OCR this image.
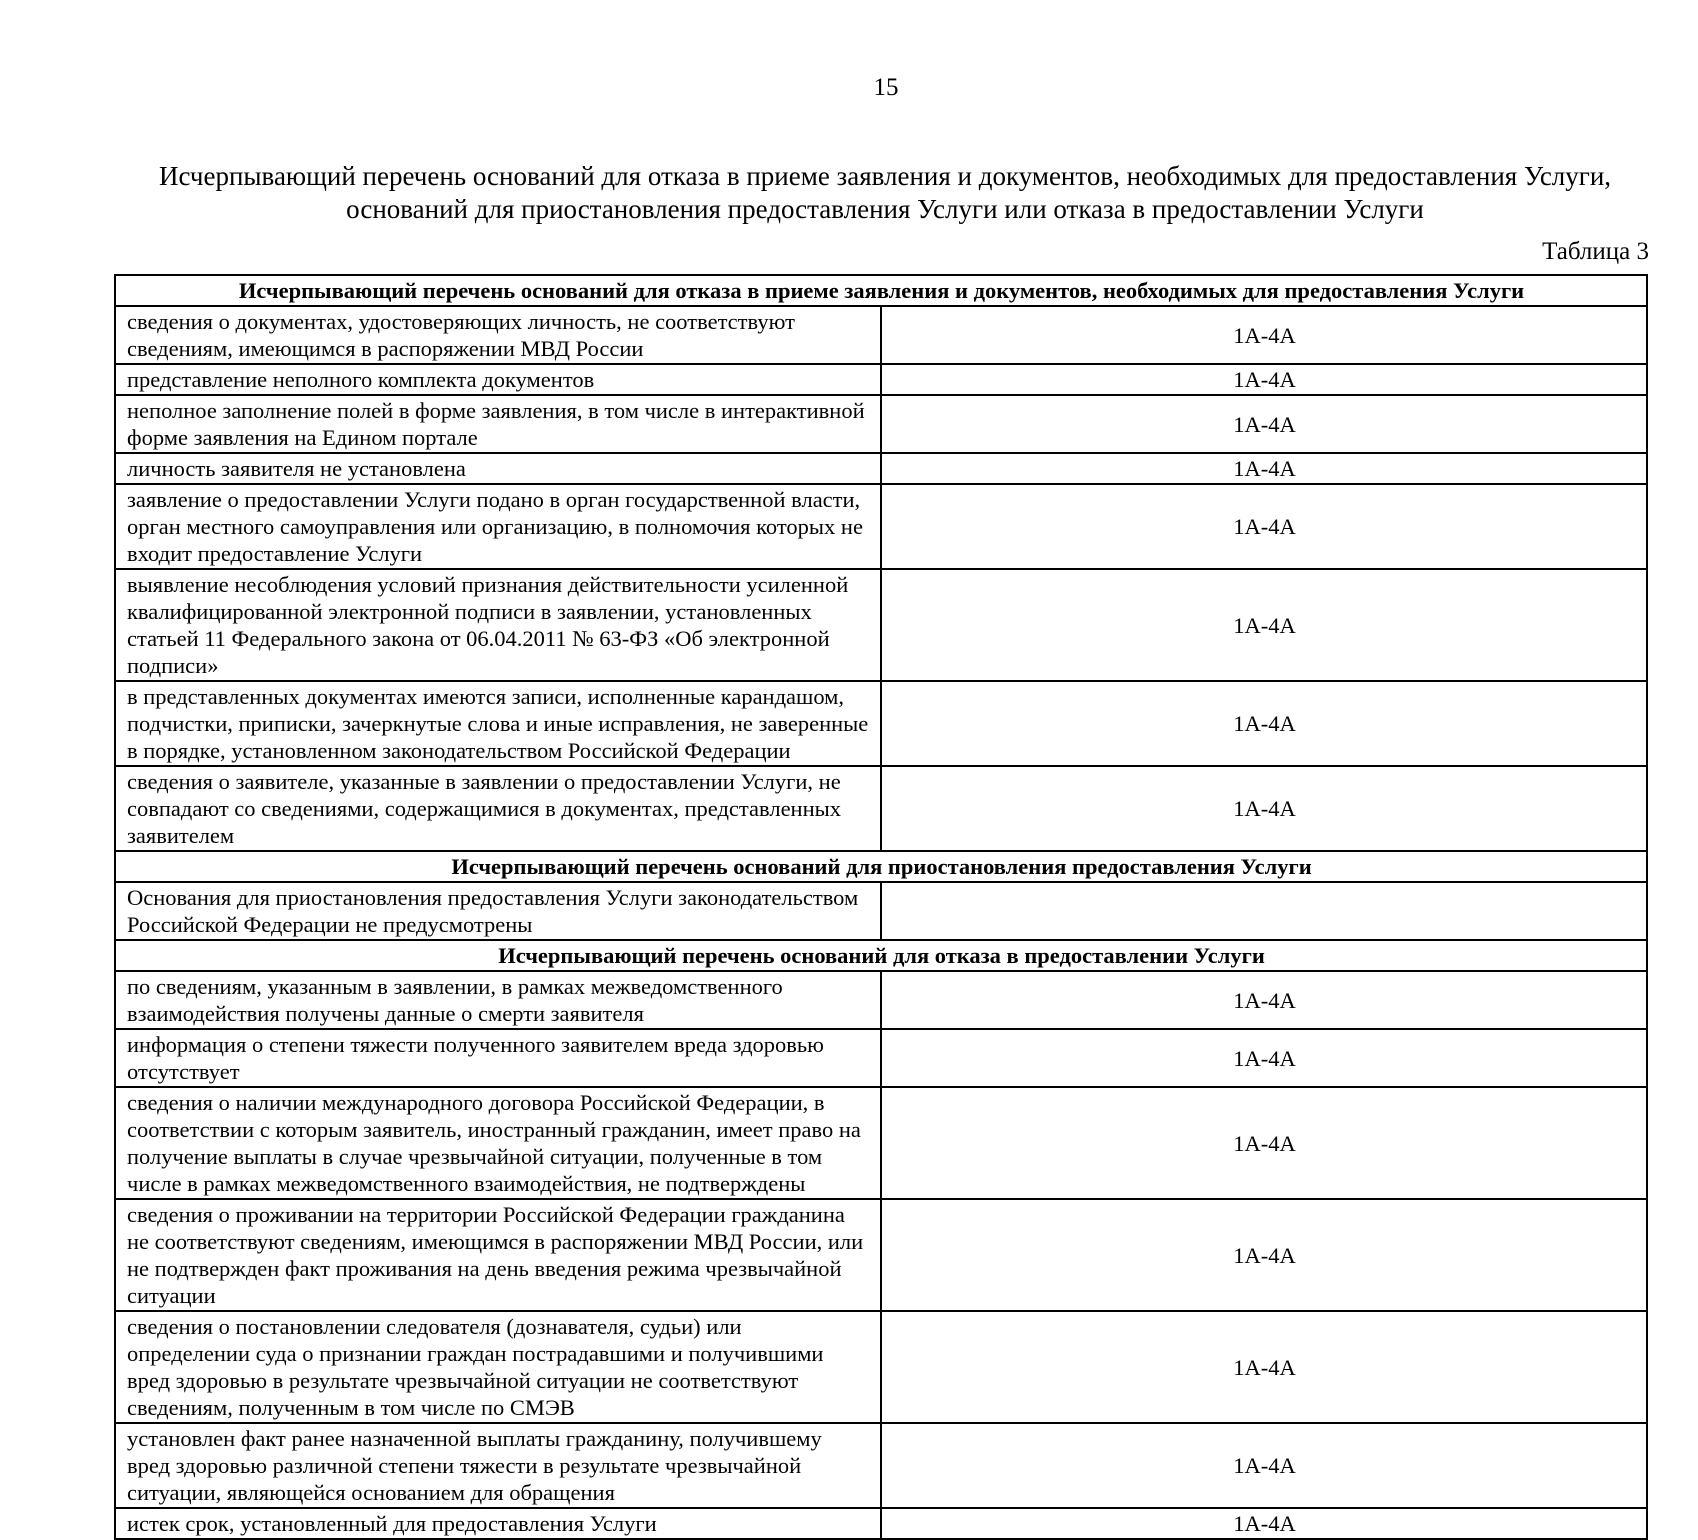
15
Исчерпывающий перечень оснований для отказа в приеме заявления и документов, необходимых для предоставления Услуги, оснований для приостановления предоставления Услуги или отказа в предоставлении Услуги
Таблица 3
Исчерпывающий перечень оснований для отказа в приеме заявления и документов, необходимых для предоставления Услуги	
сведения о документах, удостоверяющих личность, не соответствуют сведениям, имеющимся в распоряжении МВД России	1А-4А
представление неполного комплекта документов	1А-4А
неполное заполнение полей в форме заявления, в том числе в интерактивной форме заявления на Едином портале	1А-4А
личность заявителя не установлена	1А-4А
заявление о предоставлении Услуги подано в орган государственной власти, орган местного самоуправления или организацию, в полномочия которых не входит предоставление Услуги	1А-4А
выявление несоблюдения условий признания действительности усиленной квалифицированной электронной подписи в заявлении, установленных статьей 11 Федерального закона от 06.04.2011 № 63-ФЗ «Об электронной подписи»	1А-4А
в представленных документах имеются записи, исполненные карандашом, подчистки, приписки, зачеркнутые слова и иные исправления, не заверенные в порядке, установленном законодательством Российской Федерации	1А-4А
сведения о заявителе, указанные в заявлении о предоставлении Услуги, не совпадают со сведениями, содержащимися в документах, представленных заявителем	1А-4А
Исчерпывающий перечень оснований для приостановления предоставления Услуги	
Основания для приостановления предоставления Услуги законодательством Российской Федерации не предусмотрены	
Исчерпывающий перечень оснований для отказа в предоставлении Услуги	
по сведениям, указанным в заявлении, в рамках межведомственного взаимодействия получены данные о смерти заявителя	1А-4А
информация о степени тяжести полученного заявителем вреда здоровью отсутствует	1А-4А
сведения о наличии международного договора Российской Федерации, в соответствии с которым заявитель, иностранный гражданин, имеет право на получение выплаты в случае чрезвычайной ситуации, полученные в том числе в рамках межведомственного взаимодействия, не подтверждены	1А-4А
сведения о проживании на территории Российской Федерации гражданина не соответствуют сведениям, имеющимся в распоряжении МВД России, или не подтвержден факт проживания на день введения режима чрезвычайной ситуации	1А-4А
сведения о постановлении следователя (дознавателя, судьи) или определении суда о признании граждан пострадавшими и получившими вред здоровью в результате чрезвычайной ситуации не соответствуют сведениям, полученным в том числе по СМЭВ	1А-4А
установлен факт ранее назначенной выплаты гражданину, получившему вред здоровью различной степени тяжести в результате чрезвычайной ситуации, являющейся основанием для обращения	1А-4А
истек срок, установленный для предоставления Услуги	1А-4А
